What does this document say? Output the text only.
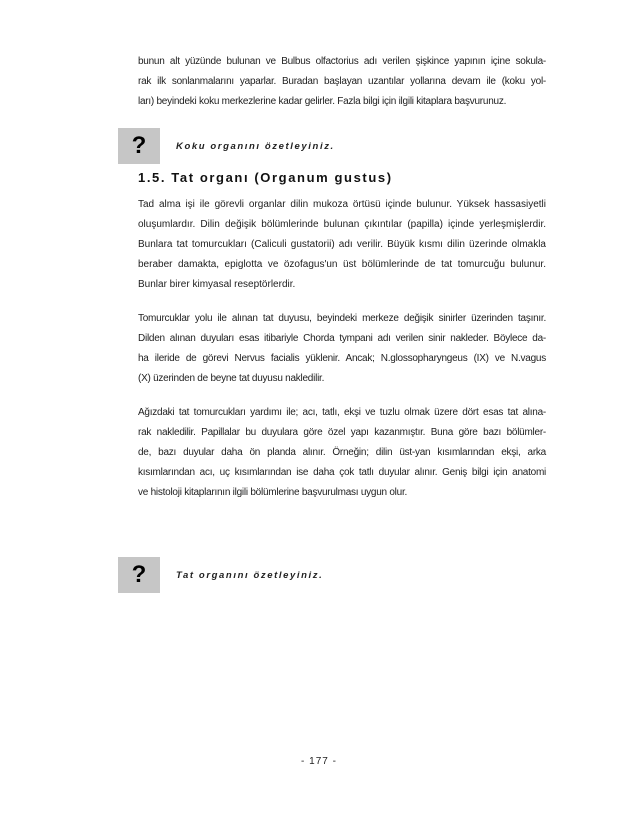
bunun alt yüzünde bulunan ve Bulbus olfactorius adı verilen şişkince yapının içine sokula-
rak ilk sonlanmalarını yaparlar. Buradan başlayan uzantılar yollarına devam ile (koku yol-
ları) beyindeki koku merkezlerine kadar gelirler. Fazla bilgi için ilgili kitaplara başvurunuz.

?	Koku organını özetleyiniz.
1.5. Tat organı (Organum gustus)

Tad alma işi ile görevli organlar dilin mukoza örtüsü içinde bulunur. Yüksek hassasiyetli
oluşumlardır. Dilin değişik bölümlerinde bulunan çıkıntılar (papilla) içinde yerleşmişlerdir.
Bunlara tat tomurcukları (Caliculi gustatorii) adı verilir. Büyük kısmı dilin üzerinde olmakla
beraber damakta, epiglotta ve özofagus'un üst bölümlerinde de tat tomurcuğu bulunur.
Bunlar birer kimyasal reseptörlerdir.

Tomurcuklar yolu ile alınan tat duyusu, beyindeki merkeze değişik sinirler üzerinden taşınır.
Dilden alınan duyuları esas itibariyle Chorda tympani adı verilen sinir nakleder. Böylece da-
ha ileride de görevi Nervus facialis yüklenir. Ancak; N.glossopharyngeus (IX) ve N.vagus
(X) üzerinden de beyne tat duyusu nakledilir.

Ağızdaki tat tomurcukları yardımı ile; acı, tatlı, ekşi ve tuzlu olmak üzere dört esas tat alına-
rak nakledilir. Papillalar bu duyulara göre özel yapı kazanmıştır. Buna göre bazı bölümler-
de, bazı duyular daha ön planda alınır. Örneğin; dilin üst-yan kısımlarından ekşi, arka
kısımlarından acı, uç kısımlarından ise daha çok tatlı duyular alınır. Geniş bilgi için anatomi
ve histoloji kitaplarının ilgili bölümlerine başvurulması uygun olur.

?	Tat organını özetleyiniz.
- 177 -
